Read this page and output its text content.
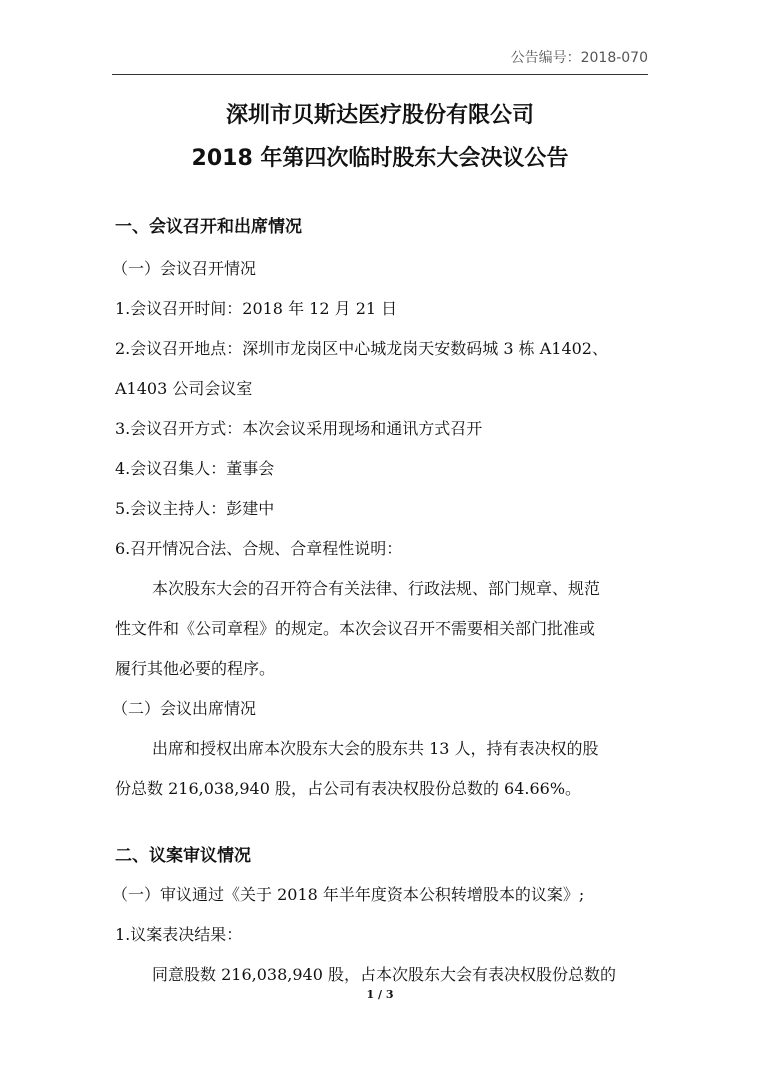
公告编号：2018-070
深圳市贝斯达医疗股份有限公司
2018 年第四次临时股东大会决议公告
一、会议召开和出席情况
（一）会议召开情况
1.会议召开时间：2018 年 12 月 21 日
2.会议召开地点：深圳市龙岗区中心城龙岗天安数码城 3 栋 A1402、
A1403 公司会议室
3.会议召开方式：本次会议采用现场和通讯方式召开
4.会议召集人：董事会
5.会议主持人：彭建中
6.召开情况合法、合规、合章程性说明：
本次股东大会的召开符合有关法律、行政法规、部门规章、规范
性文件和《公司章程》的规定。本次会议召开不需要相关部门批准或
履行其他必要的程序。
（二）会议出席情况
出席和授权出席本次股东大会的股东共 13 人，持有表决权的股
份总数 216,038,940 股，占公司有表决权股份总数的 64.66%。
二、议案审议情况
（一）审议通过《关于 2018 年半年度资本公积转增股本的议案》;
1.议案表决结果：
同意股数 216,038,940 股，占本次股东大会有表决权股份总数的
1 / 3
